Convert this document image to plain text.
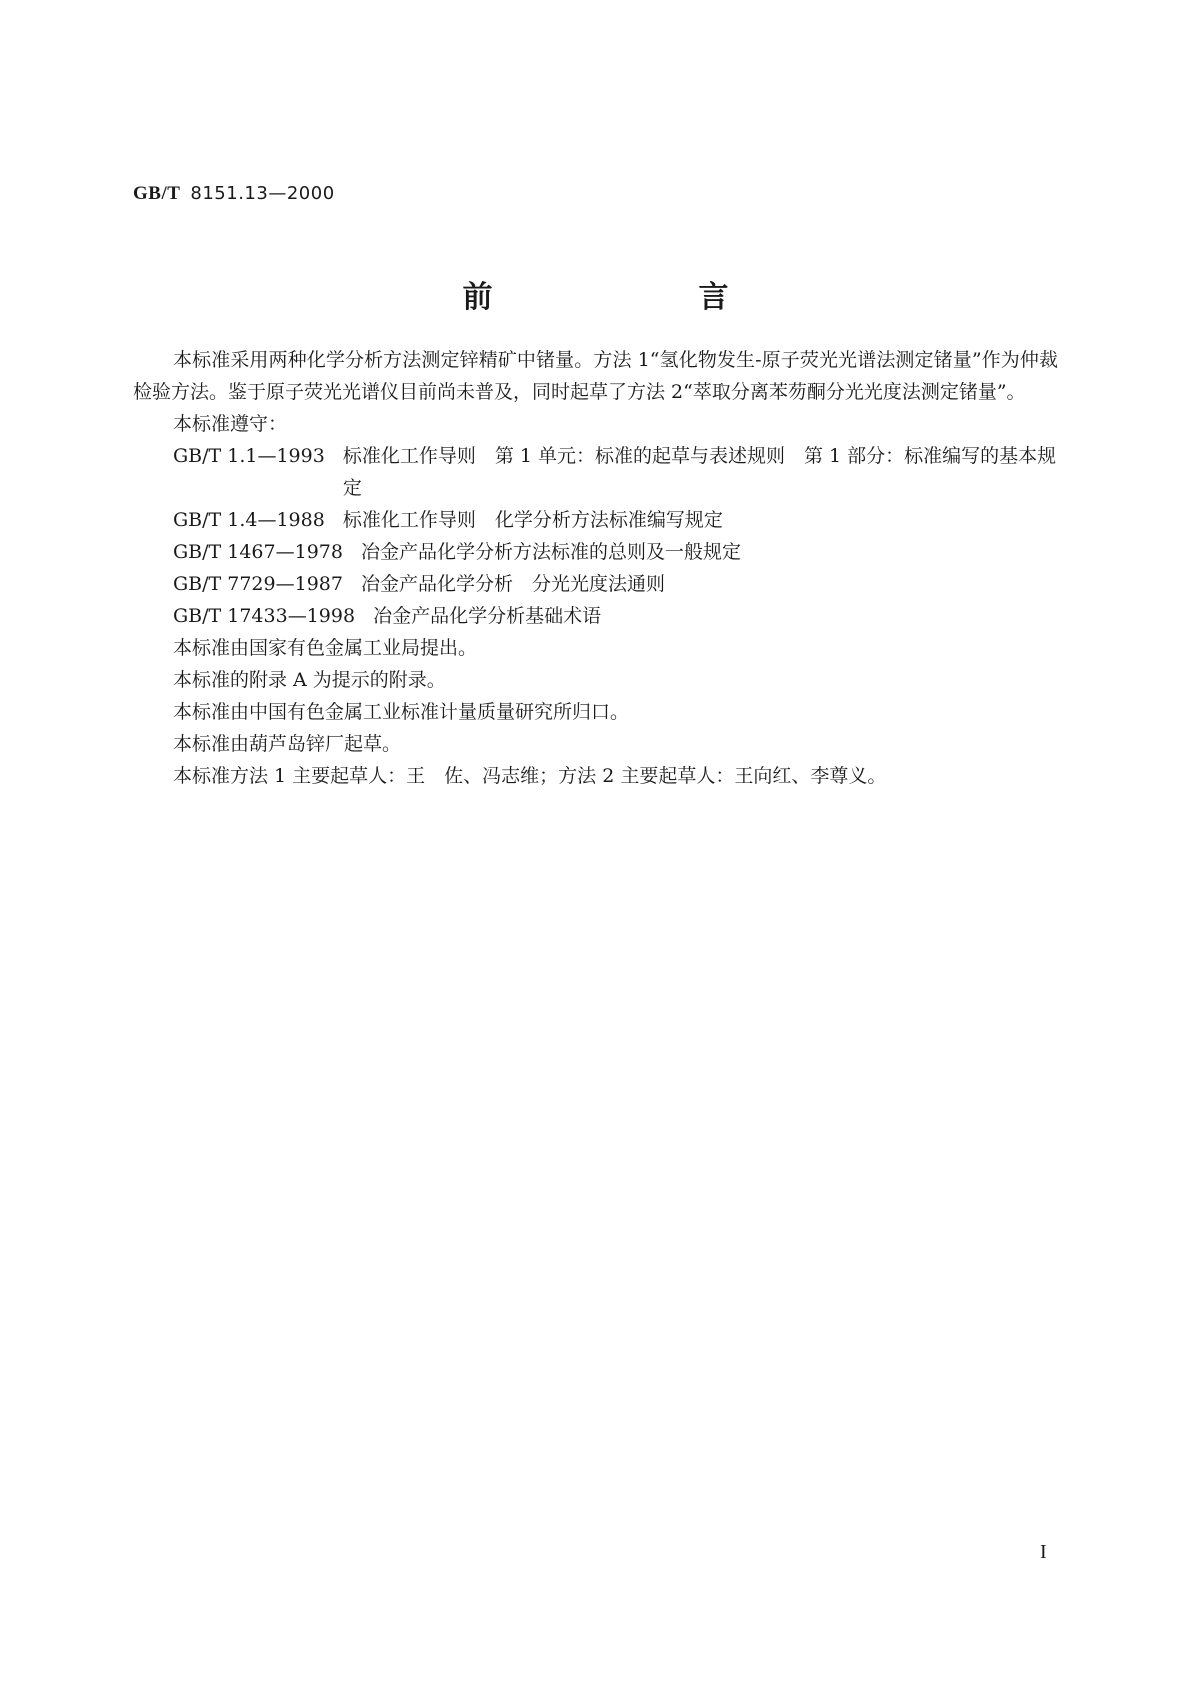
GB/T 8151.13—2000
前　言

本标准采用两种化学分析方法测定锌精矿中锗量。方法 1“氢化物发生-原子荧光光谱法测定锗量”作为仲裁检验方法。鉴于原子荧光光谱仪目前尚未普及，同时起草了方法 2“萃取分离苯芴酮分光光度法测定锗量”。

本标准遵守：

GB/T 1.1—1993 标准化工作导则　第 1 单元：标准的起草与表述规则　第 1 部分：标准编写的基本规定
GB/T 1.4—1988 标准化工作导则　化学分析方法标准编写规定
GB/T 1467—1978 冶金产品化学分析方法标准的总则及一般规定
GB/T 7729—1987 冶金产品化学分析　分光光度法通则
GB/T 17433—1998 冶金产品化学分析基础术语

本标准由国家有色金属工业局提出。

本标准的附录 A 为提示的附录。

本标准由中国有色金属工业标准计量质量研究所归口。

本标准由葫芦岛锌厂起草。

本标准方法 1 主要起草人：王　佐、冯志维；方法 2 主要起草人：王向红、李尊义。

I
